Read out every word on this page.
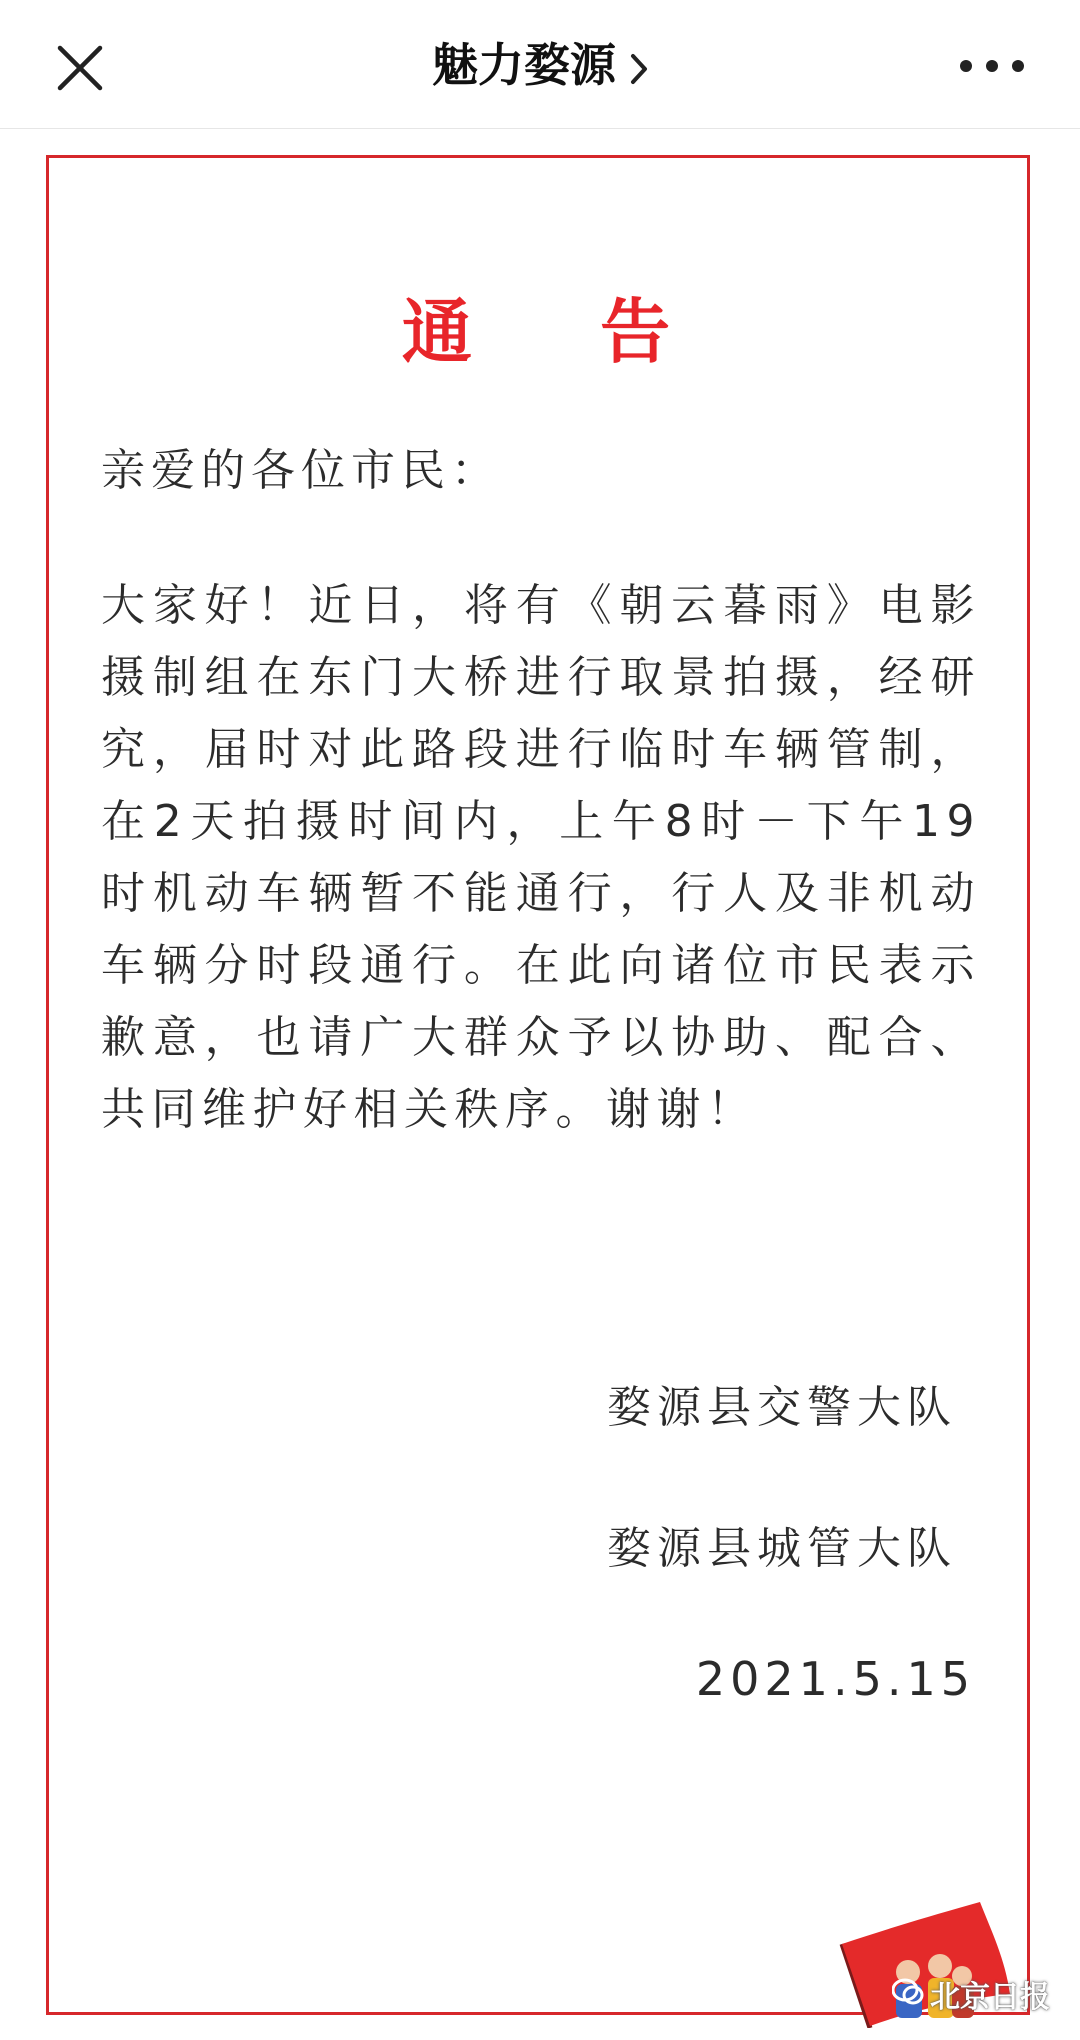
魅力婺源
通 告
亲爱的各位市民：
大家好！近日，将有《朝云暮雨》电影摄制组在东门大桥进行取景拍摄，经研究，届时对此路段进行临时车辆管制，在2天拍摄时间内，上午8时－下午19时机动车辆暂不能通行，行人及非机动车辆分时段通行。在此向诸位市民表示歉意，也请广大群众予以协助、配合、共同维护好相关秩序。谢谢！
婺源县交警大队
婺源县城管大队
2021.5.15
北京日报
